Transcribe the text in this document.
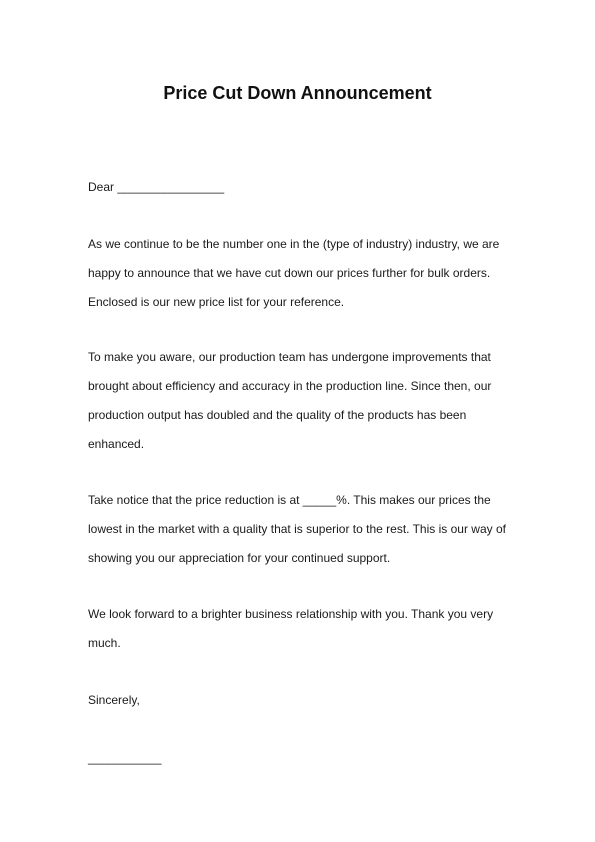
Price Cut Down Announcement
Dear ________________
As we continue to be the number one in the (type of industry) industry, we are
happy to announce that we have cut down our prices further for bulk orders.
Enclosed is our new price list for your reference.
To make you aware, our production team has undergone improvements that
brought about efficiency and accuracy in the production line. Since then, our
production output has doubled and the quality of the products has been
enhanced.
Take notice that the price reduction is at _____%. This makes our prices the
lowest in the market with a quality that is superior to the rest. This is our way of
showing you our appreciation for your continued support.
We look forward to a brighter business relationship with you. Thank you very
much.
Sincerely,
___________
